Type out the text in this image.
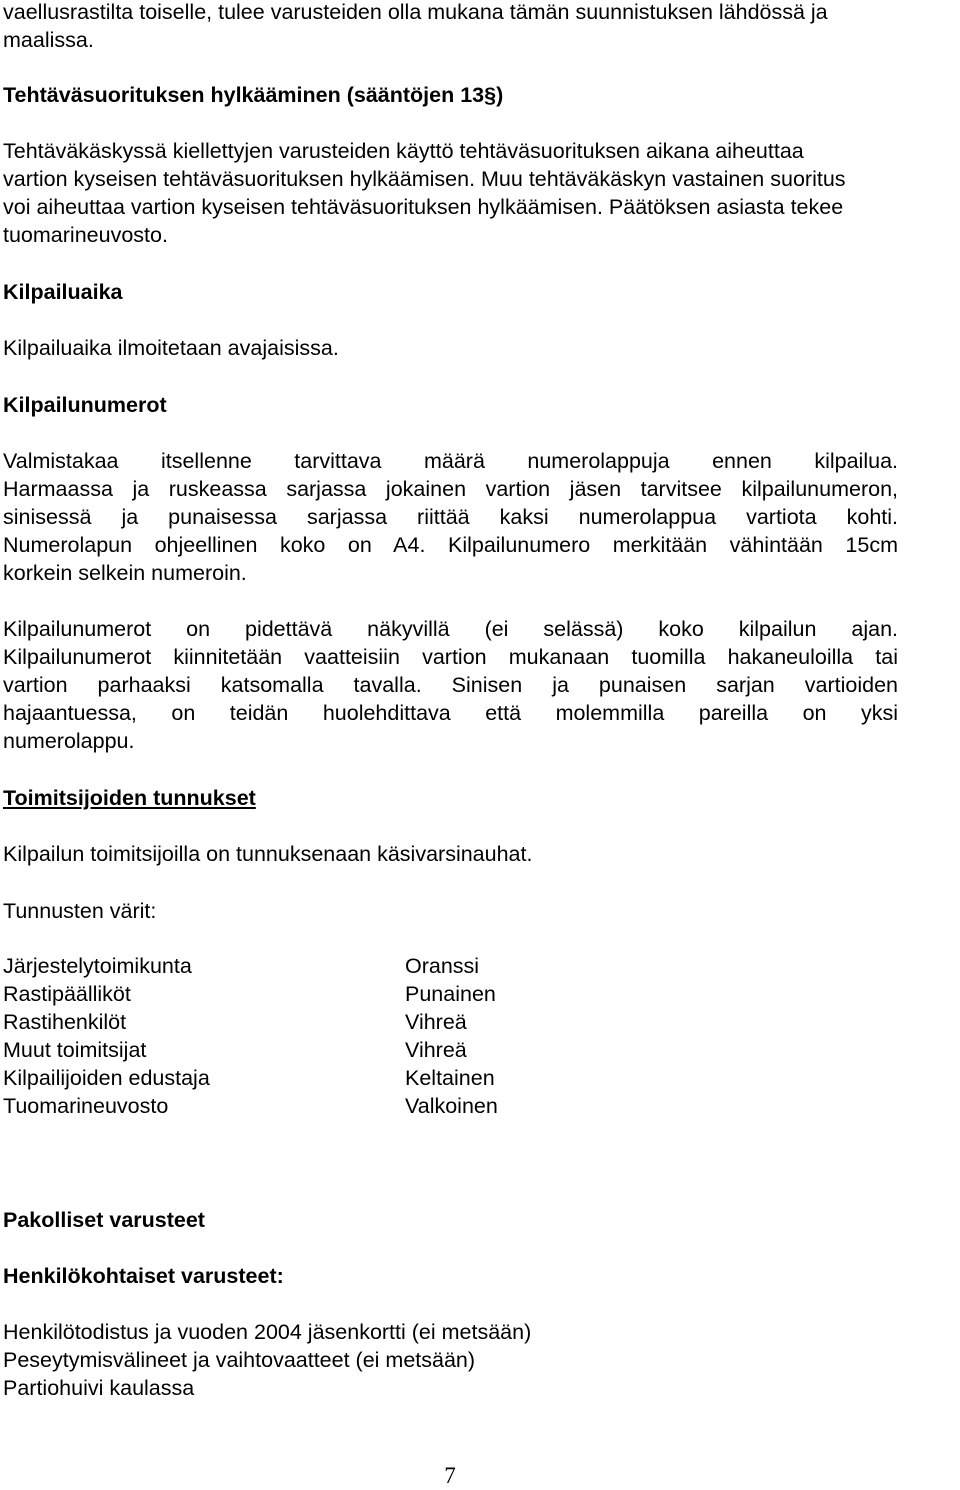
vaellusrastilta toiselle, tulee varusteiden olla mukana tämän suunnistuksen lähdössä ja
maalissa.
Tehtäväsuorituksen hylkääminen (sääntöjen 13§)
Tehtäväkäskyssä kiellettyjen varusteiden käyttö tehtäväsuorituksen aikana aiheuttaa
vartion kyseisen tehtäväsuorituksen hylkäämisen. Muu tehtäväkäskyn vastainen suoritus
voi aiheuttaa vartion kyseisen tehtäväsuorituksen hylkäämisen. Päätöksen asiasta tekee
tuomarineuvosto.
Kilpailuaika
Kilpailuaika ilmoitetaan avajaisissa.
Kilpailunumerot
Valmistakaa itsellenne tarvittava määrä numerolappuja ennen kilpailua.
Harmaassa ja ruskeassa sarjassa jokainen vartion jäsen tarvitsee kilpailunumeron,
sinisessä ja punaisessa sarjassa riittää kaksi numerolappua vartiota kohti.
Numerolapun ohjeellinen koko on A4. Kilpailunumero merkitään vähintään 15cm
korkein selkein numeroin.
Kilpailunumerot on pidettävä näkyvillä (ei selässä) koko kilpailun ajan.
Kilpailunumerot kiinnitetään vaatteisiin vartion mukanaan tuomilla hakaneuloilla tai
vartion parhaaksi katsomalla tavalla. Sinisen ja punaisen sarjan vartioiden
hajaantuessa, on teidän huolehdittava että molemmilla pareilla on yksi
numerolappu.
Toimitsijoiden tunnukset
Kilpailun toimitsijoilla on tunnuksenaan käsivarsinauhat.
Tunnusten värit:
Järjestelytoimikunta
Rastipäälliköt
Rastihenkilöt
Muut toimitsijat
Kilpailijoiden edustaja
Tuomarineuvosto
Oranssi
Punainen
Vihreä
Vihreä
Keltainen
Valkoinen
Pakolliset varusteet
Henkilökohtaiset varusteet:
Henkilötodistus ja vuoden 2004 jäsenkortti (ei metsään)
Peseytymisvälineet ja vaihtovaatteet (ei metsään)
Partiohuivi kaulassa
7
